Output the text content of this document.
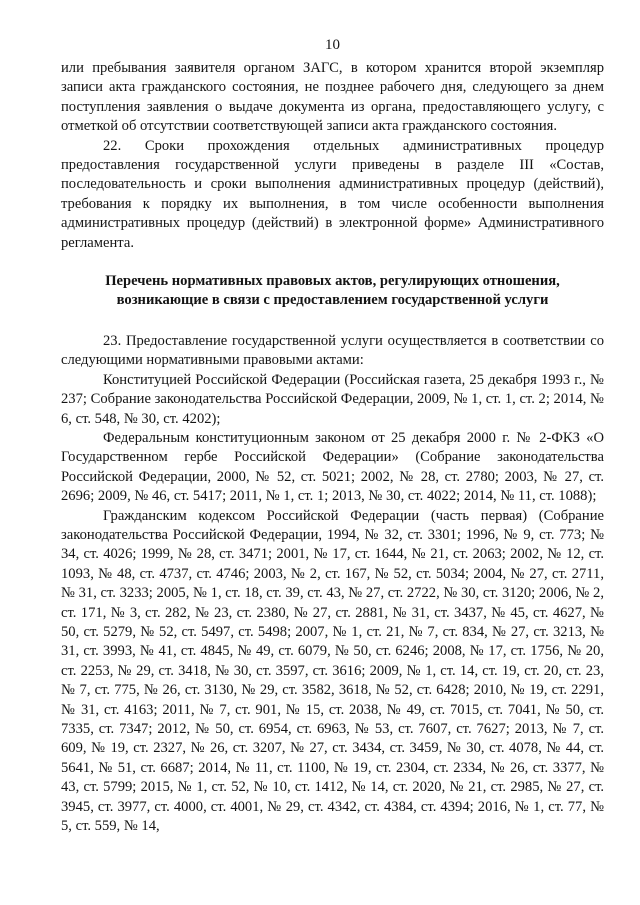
10

или пребывания заявителя органом ЗАГС, в котором хранится второй экземпляр записи акта гражданского состояния, не позднее рабочего дня, следующего за днем поступления заявления о выдаче документа из органа, предоставляющего услугу, с отметкой об отсутствии соответствующей записи акта гражданского состояния.

22. Сроки прохождения отдельных административных процедур предоставления государственной услуги приведены в разделе III «Состав, последовательность и сроки выполнения административных процедур (действий), требования к порядку их выполнения, в том числе особенности выполнения административных процедур (действий) в электронной форме» Административного регламента.

Перечень нормативных правовых актов, регулирующих отношения,
возникающие в связи с предоставлением государственной услуги

23. Предоставление государственной услуги осуществляется в соответствии со следующими нормативными правовыми актами:

Конституцией Российской Федерации (Российская газета, 25 декабря 1993 г., № 237; Собрание законодательства Российской Федерации, 2009, № 1, ст. 1, ст. 2; 2014, № 6, ст. 548, № 30, ст. 4202);

Федеральным конституционным законом от 25 декабря 2000 г. № 2-ФКЗ «О Государственном гербе Российской Федерации» (Собрание законодательства Российской Федерации, 2000, № 52, ст. 5021; 2002, № 28, ст. 2780; 2003, № 27, ст. 2696; 2009, № 46, ст. 5417; 2011, № 1, ст. 1; 2013, № 30, ст. 4022; 2014, № 11, ст. 1088);

Гражданским кодексом Российской Федерации (часть первая) (Собрание законодательства Российской Федерации, 1994, № 32, ст. 3301; 1996, № 9, ст. 773; № 34, ст. 4026; 1999, № 28, ст. 3471; 2001, № 17, ст. 1644, № 21, ст. 2063; 2002, № 12, ст. 1093, № 48, ст. 4737, ст. 4746; 2003, № 2, ст. 167, № 52, ст. 5034; 2004, № 27, ст. 2711, № 31, ст. 3233; 2005, № 1, ст. 18, ст. 39, ст. 43, № 27, ст. 2722, № 30, ст. 3120; 2006, № 2, ст. 171, № 3, ст. 282, № 23, ст. 2380, № 27, ст. 2881, № 31, ст. 3437, № 45, ст. 4627, № 50, ст. 5279, № 52, ст. 5497, ст. 5498; 2007, № 1, ст. 21, № 7, ст. 834, № 27, ст. 3213, № 31, ст. 3993, № 41, ст. 4845, № 49, ст. 6079, № 50, ст. 6246; 2008, № 17, ст. 1756, № 20, ст. 2253, № 29, ст. 3418, № 30, ст. 3597, ст. 3616; 2009, № 1, ст. 14, ст. 19, ст. 20, ст. 23, № 7, ст. 775, № 26, ст. 3130, № 29, ст. 3582, 3618, № 52, ст. 6428; 2010, № 19, ст. 2291, № 31, ст. 4163; 2011, № 7, ст. 901, № 15, ст. 2038, № 49, ст. 7015, ст. 7041, № 50, ст. 7335, ст. 7347; 2012, № 50, ст. 6954, ст. 6963, № 53, ст. 7607, ст. 7627; 2013, № 7, ст. 609, № 19, ст. 2327, № 26, ст. 3207, № 27, ст. 3434, ст. 3459, № 30, ст. 4078, № 44, ст. 5641, № 51, ст. 6687; 2014, № 11, ст. 1100, № 19, ст. 2304, ст. 2334, № 26, ст. 3377, № 43, ст. 5799; 2015, № 1, ст. 52, № 10, ст. 1412, № 14, ст. 2020, № 21, ст. 2985, № 27, ст. 3945, ст. 3977, ст. 4000, ст. 4001, № 29, ст. 4342, ст. 4384, ст. 4394; 2016, № 1, ст. 77, № 5, ст. 559, № 14,
